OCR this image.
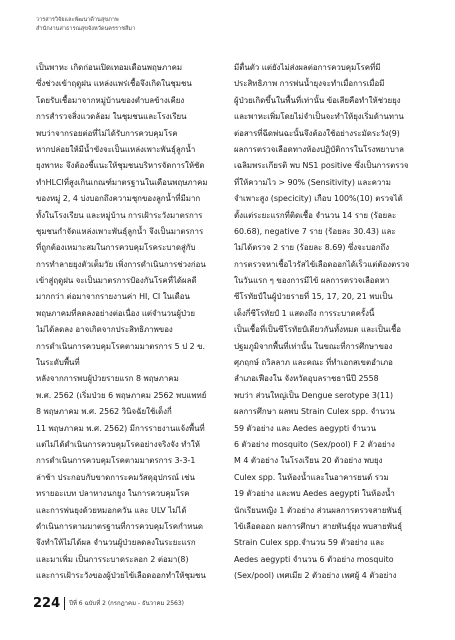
วารสารวิจัยและพัฒนาด้านสุขภาพ
สำนักงานสาธารณสุขจังหวัดนครราชสีมา
เป็นพาหะ เกิดก่อนเปิดเทอมเดือนพฤษภาคม
ซึ่งช่วงเข้าฤดูฝน แหล่งแพร่เชื้อจึงเกิดในชุมชน
โดยรับเชื้อมาจากหมู่บ้านของตำบลข้างเคียง
การสำรวจสิ่งแวดล้อม ในชุมชนและโรงเรียน
พบว่าจากรอยต่อที่ไม่ได้รับการควบคุมโรค
หากปล่อยให้มีน้ำขังจะเป็นแหล่งเพาะพันธุ์ลูกน้ำ
ยุงพาหะ จึงต้องชี้แนะให้ชุมชนบริหารจัดการให้ชัด
ทำHLCIที่สูงเกินเกณฑ์มาตรฐานในเดือนพฤษภาคม
ของหมู่ 2, 4 บ่งบอกถึงความชุกของลูกน้ำที่มีมาก
ทั้งในโรงเรียน และหมู่บ้าน การเฝ้าระวังมาตรการ
ชุมชนกำจัดแหล่งเพาะพันธุ์ลูกน้ำ จึงเป็นมาตรการ
ที่ถูกต้องเหมาะสมในการควบคุมโรคระบาดสู่กับ
การทำลายยุงตัวเต็มวัย เพิ่งการดำเนินการช่วงก่อน
เข้าสู่ฤดูฝน จะเป็นมาตรการป้องกันโรคที่ได้ผลดี
มากกว่า ต่อมาจากรายงานค่า HI, CI ในเดือน
พฤษภาคมที่ลดลงอย่างต่อเนื่อง แต่จำนวนผู้ป่วย
ไม่ได้ลดลง อาจเกิดจากประสิทธิภาพของ
การดำเนินการควบคุมโรคตามมาตรการ 5 ป 2 ข.
ในระดับพื้นที่
หลังจากการพบผู้ป่วยรายแรก 8 พฤษภาคม
พ.ศ. 2562 (เริ่มป่วย 6 พฤษภาคม 2562 พบแพทย์
8 พฤษภาคม พ.ศ. 2562 วินิจฉัยใช้เด็งกี่
11 พฤษภาคม พ.ศ. 2562) มีการรายงานแจ้งพื้นที่
แต่ไม่ได้ดำเนินการควบคุมโรคอย่างจริงจัง ทำให้
การดำเนินการควบคุมโรคตามมาตรการ 3-3-1
ล่าช้า ประกอบกับขาดการะคมวัสดุอุปกรณ์ เช่น
ทรายอะเบท ปลาหางนกยูง ในการควบคุมโรค
และการพ่นยุงด้วยหมอกควัน และ ULV ไม่ได้
ดำเนินการตามมาตรฐานที่การควบคุมโรคกำหนด
จึงทำให้ไม่ได้ผล จำนวนผู้ป่วยลดลงในระยะแรก
และมาเพิ่ม เป็นการระบาดระลอก 2 ต่อมา(8)
และการเฝ้าระวังของผู้ป่วยไข้เลือดออกทำให้ชุมชน
มีตื่นตัว แต่ยังไม่ส่งผลต่อการควบคุมโรคที่มี
ประสิทธิภาพ การพ่นน้ำยุงจะทำเมื่อการเมื่อมี
ผู้ป่วยเกิดขึ้นในพื้นที่เท่านั้น ข้อเสียคือทำให้ช่วยยุง
และพาหะเพิ่มโดยไม่จำเป็นจะทำให้ยุงเริ่มด้านทาน
ต่อสารที่ฉีดพ่นฉะนั้นจึงต้องใช้อย่างระมัดระวัง(9)
ผลการตรวจเลือดทางห้องปฏิบัติการในโรงพยาบาล
เฉลิมพระเกียรติ พบ NS1 positive ซึ่งเป็นการตรวจ
ที่ให้ความไว > 90% (Sensitivity) และความ
จำเพาะสูง (specicity) เกือบ 100%(10) ตรวจได้
ตั้งแต่ระยะแรกที่ติดเชื้อ จำนวน 14 ราย (ร้อยละ
60.68), negative 7 ราย (ร้อยละ 30.43) และ
ไม่ได้ตรวจ 2 ราย (ร้อยละ 8.69) ซึ่งจะบอกถึง
การตรวจหาเชื้อไวรัสไข้เลือดออกได้เร็วแต่ต้องตรวจ
ในวันแรก ๆ ของการมีไข้ ผลการตรวจเลือดหา
ซีโรทัยป์ในผู้ป่วยรายที่ 15, 17, 20, 21 พบเป็น
เด็งกี่ซีโรทัยป์ 1 แสดงถึง การระบาดครั้งนี้
เป็นเชื้อที่เป็นซีโรทัยป์เดียวกันทั้งหมด และเป็นเชื้อ
ปฐมภูมิจากพื้นที่เท่านั้น ในขณะที่การศึกษาของ
ศุภฤกษ์ ถวิลลาภ และคณะ ที่ทำเอกสเขตอำเภอ
ลำเภอเฟืองใน จังหวัดอุบลราชธานีปี 2558
พบว่า ส่วนใหญ่เป็น Dengue serotype 3(11)
ผลการศึกษา ผลพบ Strain Culex spp. จำนวน
59 ตัวอย่าง และ Aedes aegypti จำนวน
6 ตัวอย่าง mosquito (Sex/pool) F 2 ตัวอย่าง
M 4 ตัวอย่าง ในโรงเรียน 20 ตัวอย่าง พบยุง
Culex spp. ในห้องน้ำและในอาคารยนต์ รวม
19 ตัวอย่าง และพบ Aedes aegypti ในห้องน้ำ
นักเรียนหญิง 1 ตัวอย่าง ส่วนผลการตรวจสายพันธุ์
ไข้เลือดออก ผลการศึกษา สายพันธุ์ยุง พบสายพันธุ์
Strain Culex spp.จำนวน 59 ตัวอย่าง และ
Aedes aegypti จำนวน 6 ตัวอย่าง mosquito
(Sex/pool) เพศเมีย 2 ตัวอย่าง เพศผู้ 4 ตัวอย่าง
224 ปีที่ 6 ฉบับที่ 2 (กรกฎาคม - ธันวาคม 2563)
